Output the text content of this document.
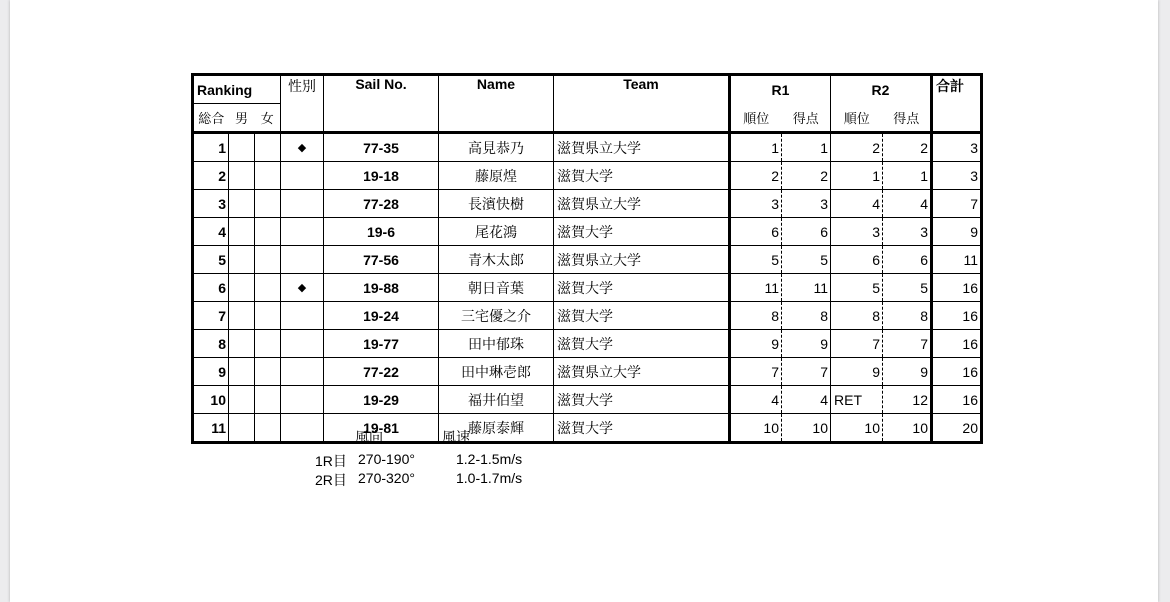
Ranking			性別	Sail No.	Name	Team	R1		R2		合計
総合	男	女					順位	得点	順位	得点	
1			◆	77-35	高見恭乃	滋賀県立大学	1	1	2	2	3
2				19-18	藤原煌	滋賀大学	2	2	1	1	3
3				77-28	長濱快樹	滋賀県立大学	3	3	4	4	7
4				19-6	尾花鴻	滋賀大学	6	6	3	3	9
5				77-56	青木太郎	滋賀県立大学	5	5	6	6	11
6			◆	19-88	朝日音葉	滋賀大学	11	11	5	5	16
7				19-24	三宅優之介	滋賀大学	8	8	8	8	16
8				19-77	田中郁珠	滋賀大学	9	9	7	7	16
9				77-22	田中琳壱郎	滋賀県立大学	7	7	9	9	16
10				19-29	福井伯望	滋賀大学	4	4	RET	12	16
11				19-81	藤原泰輝	滋賀大学	10	10	10	10	20
風向	風速
1R目 270-190°	1.2-1.5m/s
2R目 270-320°	1.0-1.7m/s
